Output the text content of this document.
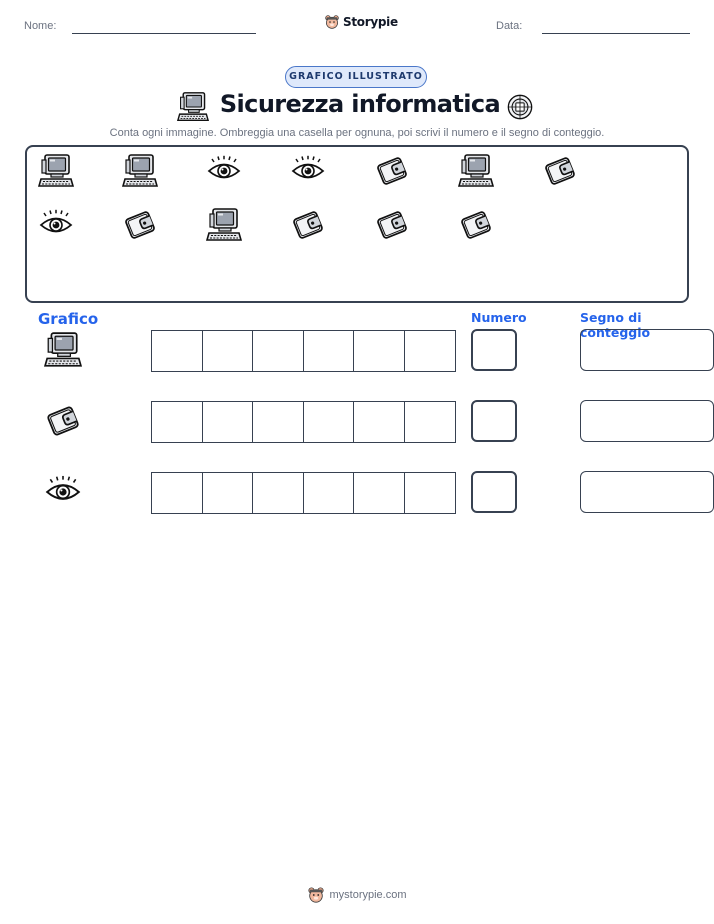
Nome:	Storypie	Data:
GRAFICO ILLUSTRATO
Sicurezza informatica
Conta ogni immagine. Ombreggia una casella per ognuna, poi scrivi il numero e il segno di conteggio.
Grafico	Numero	Segno di conteggio
mystorypie.com
